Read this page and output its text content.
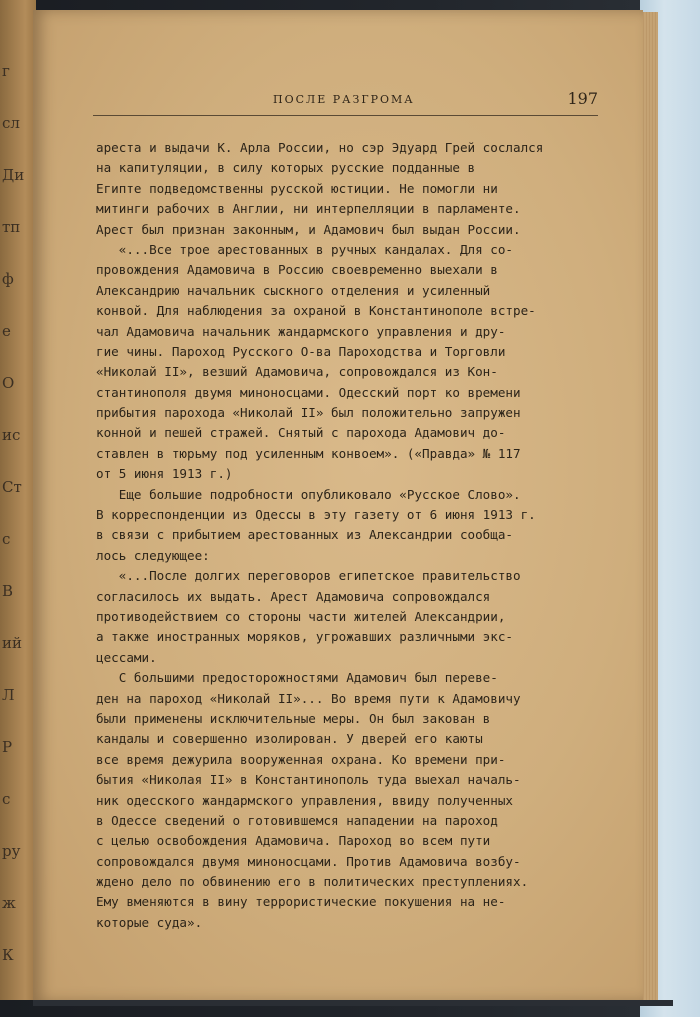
г
сл
Ди
тп
ф
е
О
ис
Ст
с
В
ий
Л
Р
с
ру
ж
К
ПОСЛЕ РАЗГРОМА	197
ареста и выдачи К. Арла России, но сэр Эдуард Грей сослался
на капитуляции, в силу которых русские подданные в
Египте подведомственны русской юстиции. Не помогли ни
митинги рабочих в Англии, ни интерпелляции в парламенте.
Арест был признан законным, и Адамович был выдан России.
«...Все трое арестованных в ручных кандалах. Для со-
провождения Адамовича в Россию своевременно выехали в
Александрию начальник сыскного отделения и усиленный
конвой. Для наблюдения за охраной в Константинополе встре-
чал Адамовича начальник жандармского управления и дру-
гие чины. Пароход Русского О-ва Пароходства и Торговли
«Николай II», везший Адамовича, сопровождался из Кон-
стантинополя двумя миноносцами. Одесский порт ко времени
прибытия парохода «Николай II» был положительно запружен
конной и пешей стражей. Снятый с парохода Адамович до-
ставлен в тюрьму под усиленным конвоем». («Правда» № 117
от 5 июня 1913 г.)
Еще большие подробности опубликовало «Русское Слово».
В корреспонденции из Одессы в эту газету от 6 июня 1913 г.
в связи с прибытием арестованных из Александрии сообща-
лось следующее:
«...После долгих переговоров египетское правительство
согласилось их выдать. Арест Адамовича сопровождался
противодействием со стороны части жителей Александрии,
а также иностранных моряков, угрожавших различными экс-
цессами.
С большими предосторожностями Адамович был переве-
ден на пароход «Николай II»... Во время пути к Адамовичу
были применены исключительные меры. Он был закован в
кандалы и совершенно изолирован. У дверей его каюты
все время дежурила вооруженная охрана. Ко времени при-
бытия «Николая II» в Константинополь туда выехал началь-
ник одесского жандармского управления, ввиду полученных
в Одессе сведений о готовившемся нападении на пароход
с целью освобождения Адамовича. Пароход во всем пути
сопровождался двумя миноносцами. Против Адамовича возбу-
ждено дело по обвинению его в политических преступлениях.
Ему вменяются в вину террористические покушения на не-
которые суда».
